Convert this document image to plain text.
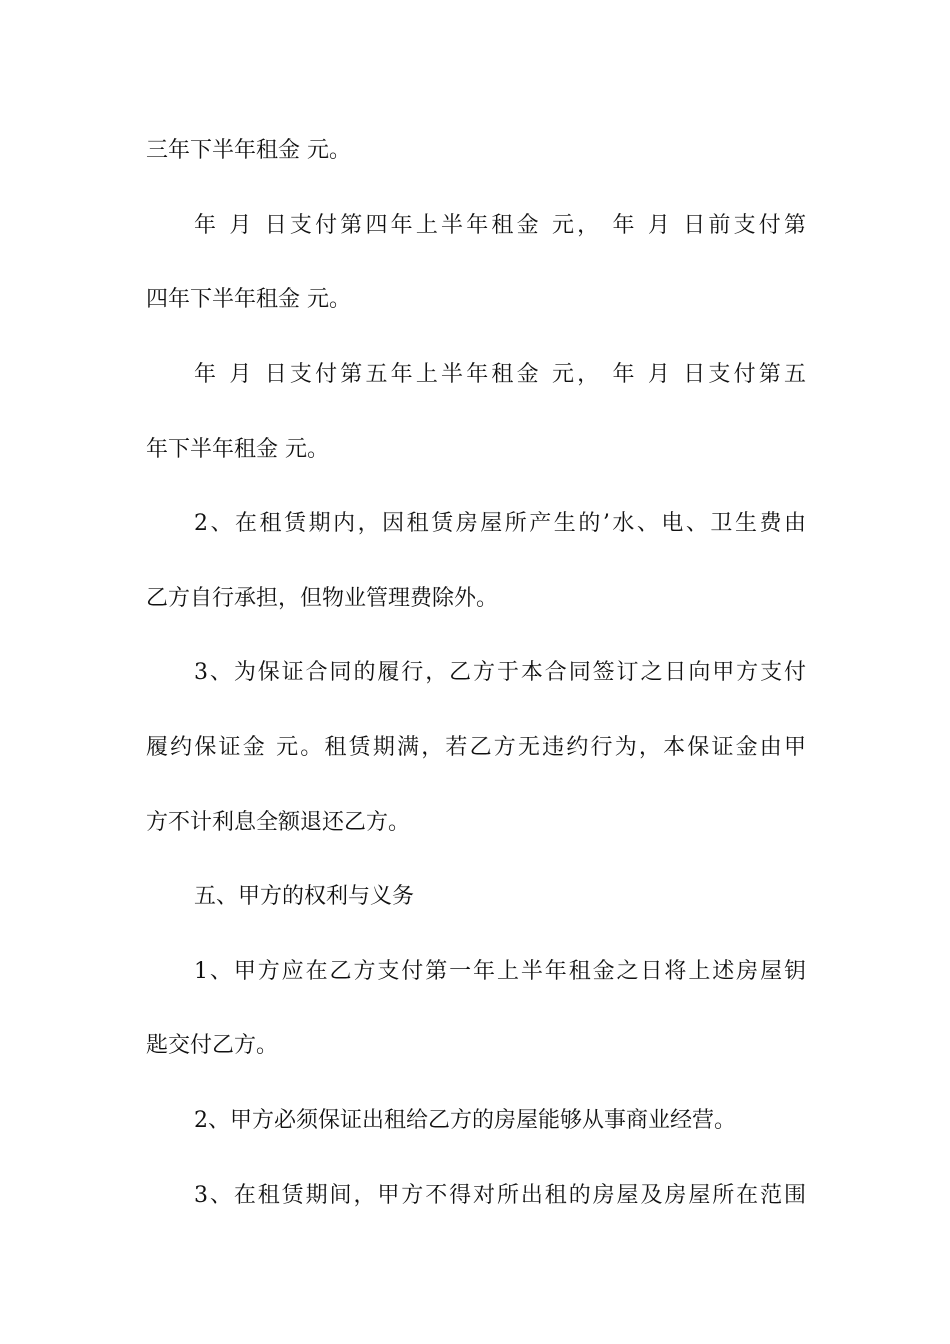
三年下半年租金 元。
年 月 日支付第四年上半年租金 元， 年 月 日前支付第
四年下半年租金 元。
年 月 日支付第五年上半年租金 元， 年 月 日支付第五
年下半年租金 元。
2、在租赁期内，因租赁房屋所产生的’水、电、卫生费由
乙方自行承担，但物业管理费除外。
3、为保证合同的履行，乙方于本合同签订之日向甲方支付
履约保证金 元。租赁期满，若乙方无违约行为，本保证金由甲
方不计利息全额退还乙方。
五、甲方的权利与义务
1、甲方应在乙方支付第一年上半年租金之日将上述房屋钥
匙交付乙方。
2、甲方必须保证出租给乙方的房屋能够从事商业经营。
3、在租赁期间，甲方不得对所出租的房屋及房屋所在范围
